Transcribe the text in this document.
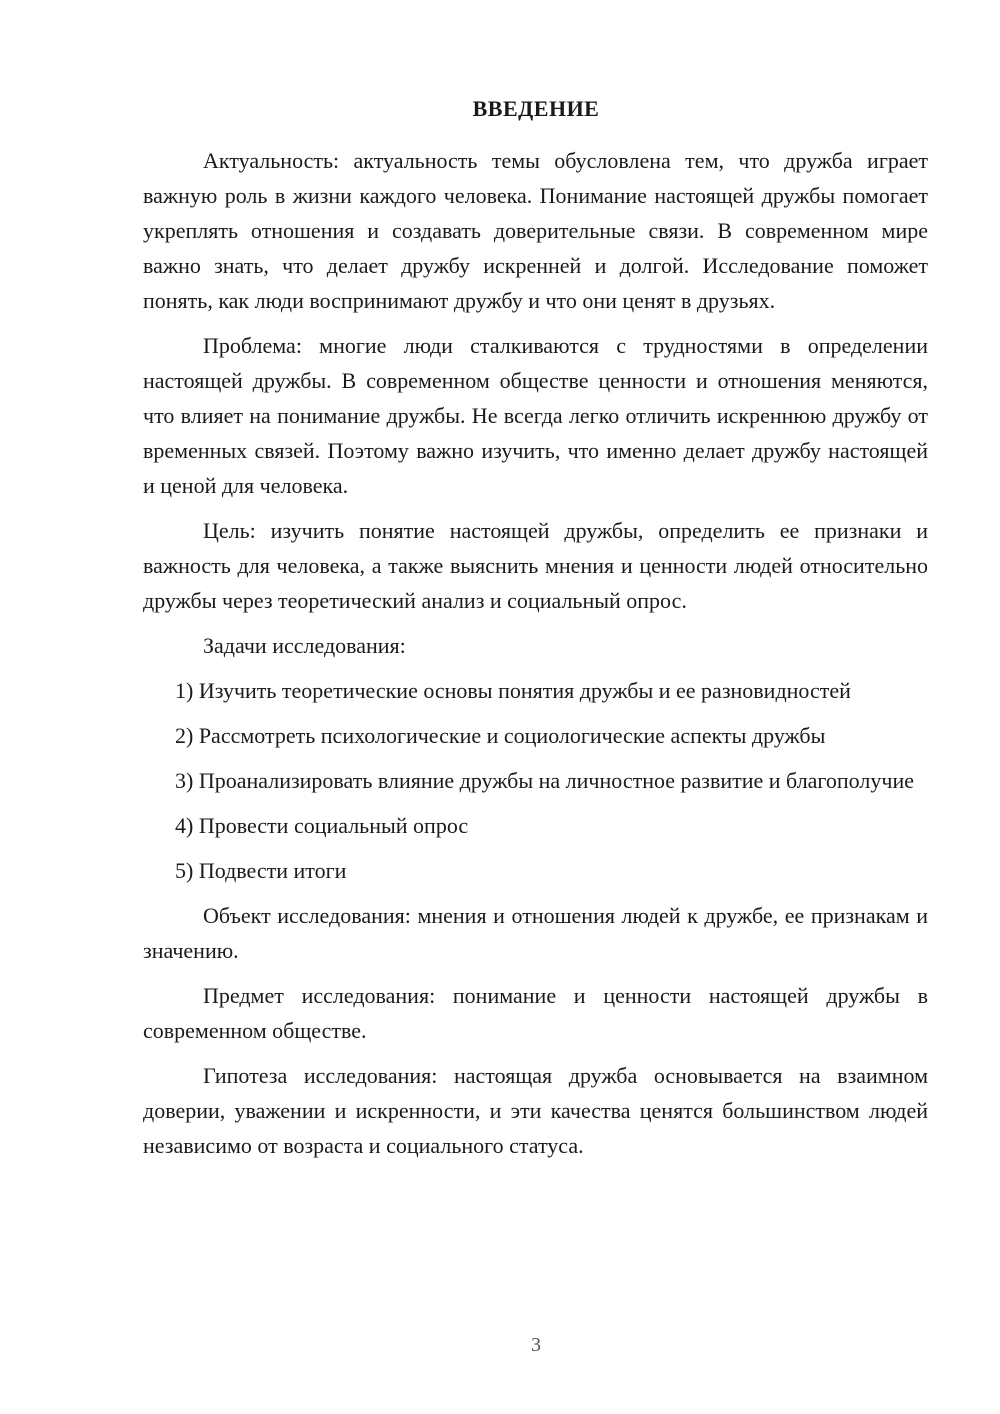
ВВЕДЕНИЕ

Актуальность: актуальность темы обусловлена тем, что дружба играет важную роль в жизни каждого человека. Понимание настоящей дружбы помогает укреплять отношения и создавать доверительные связи. В современном мире важно знать, что делает дружбу искренней и долгой. Исследование поможет понять, как люди воспринимают дружбу и что они ценят в друзьях.

Проблема: многие люди сталкиваются с трудностями в определении настоящей дружбы. В современном обществе ценности и отношения меняются, что влияет на понимание дружбы. Не всегда легко отличить искреннюю дружбу от временных связей. Поэтому важно изучить, что именно делает дружбу настоящей и ценой для человека.

Цель: изучить понятие настоящей дружбы, определить ее признаки и важность для человека, а также выяснить мнения и ценности людей относительно дружбы через теоретический анализ и социальный опрос.

Задачи исследования:

1) Изучить теоретические основы понятия дружбы и ее разновидностей

2) Рассмотреть психологические и социологические аспекты дружбы

3) Проанализировать влияние дружбы на личностное развитие и благополучие

4) Провести социальный опрос

5) Подвести итоги

Объект исследования: мнения и отношения людей к дружбе, ее признакам и значению.

Предмет исследования: понимание и ценности настоящей дружбы в современном обществе.

Гипотеза исследования: настоящая дружба основывается на взаимном доверии, уважении и искренности, и эти качества ценятся большинством людей независимо от возраста и социального статуса.

3
